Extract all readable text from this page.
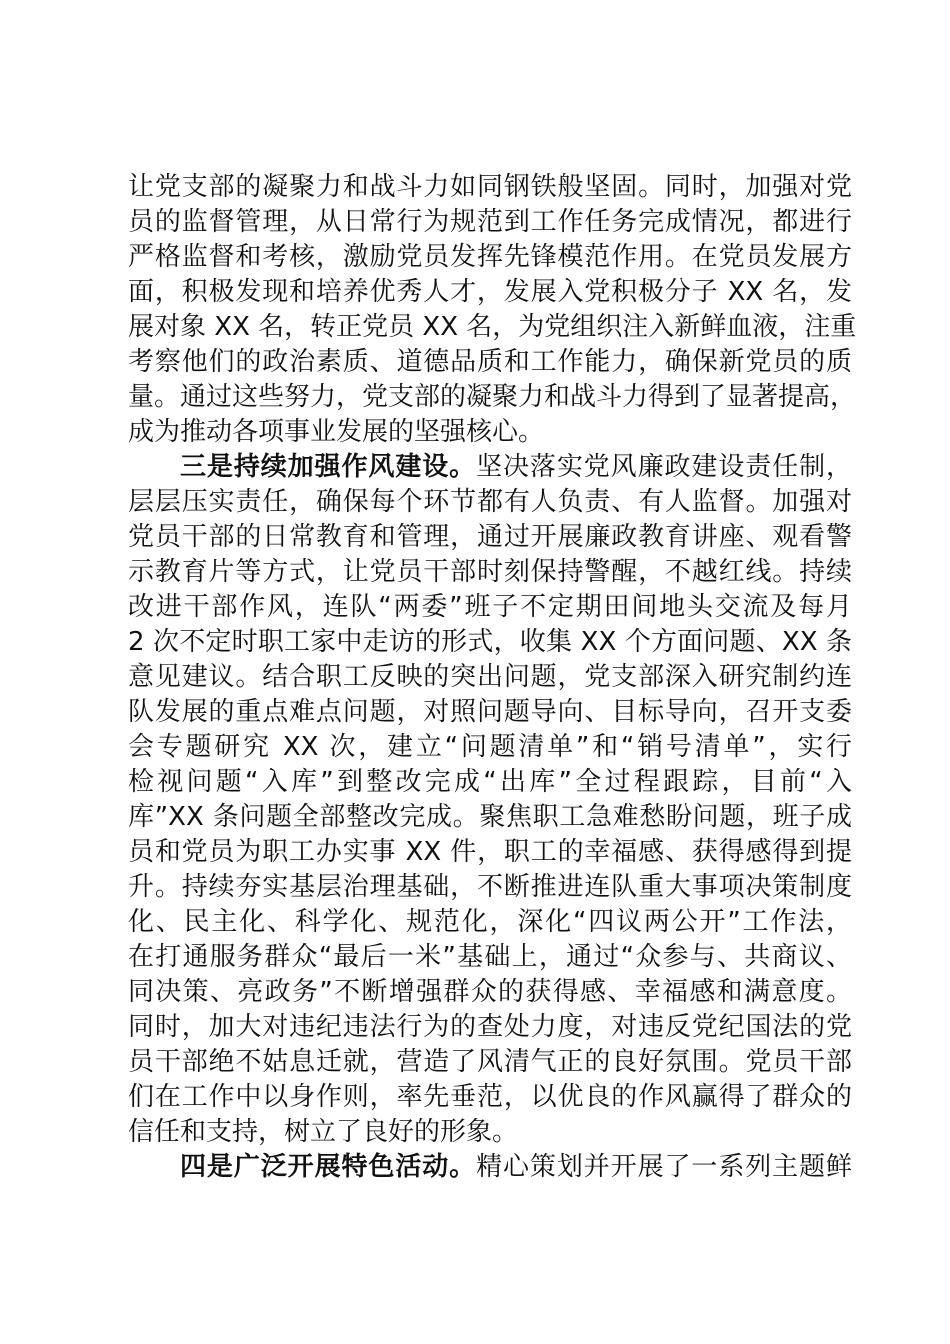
让党支部的凝聚力和战斗力如同钢铁般坚固。同时，加强对党
员的监督管理，从日常行为规范到工作任务完成情况，都进行
严格监督和考核，激励党员发挥先锋模范作用。在党员发展方
面，积极发现和培养优秀人才，发展入党积极分子 XX 名，发
展对象 XX 名，转正党员 XX 名，为党组织注入新鲜血液，注重
考察他们的政治素质、道德品质和工作能力，确保新党员的质
量。通过这些努力，党支部的凝聚力和战斗力得到了显著提高，
成为推动各项事业发展的坚强核心。
三是持续加强作风建设。坚决落实党风廉政建设责任制，
层层压实责任，确保每个环节都有人负责、有人监督。加强对
党员干部的日常教育和管理，通过开展廉政教育讲座、观看警
示教育片等方式，让党员干部时刻保持警醒，不越红线。持续
改进干部作风，连队“两委”班子不定期田间地头交流及每月
2 次不定时职工家中走访的形式，收集 XX 个方面问题、XX 条
意见建议。结合职工反映的突出问题，党支部深入研究制约连
队发展的重点难点问题，对照问题导向、目标导向，召开支委
会专题研究 XX 次，建立“问题清单”和“销号清单”，实行
检视问题“入库”到整改完成“出库”全过程跟踪，目前“入
库”XX 条问题全部整改完成。聚焦职工急难愁盼问题，班子成
员和党员为职工办实事 XX 件，职工的幸福感、获得感得到提
升。持续夯实基层治理基础，不断推进连队重大事项决策制度
化、民主化、科学化、规范化，深化“四议两公开”工作法，
在打通服务群众“最后一米”基础上，通过“众参与、共商议、
同决策、亮政务”不断增强群众的获得感、幸福感和满意度。
同时，加大对违纪违法行为的查处力度，对违反党纪国法的党
员干部绝不姑息迁就，营造了风清气正的良好氛围。党员干部
们在工作中以身作则，率先垂范，以优良的作风赢得了群众的
信任和支持，树立了良好的形象。
四是广泛开展特色活动。精心策划并开展了一系列主题鲜
